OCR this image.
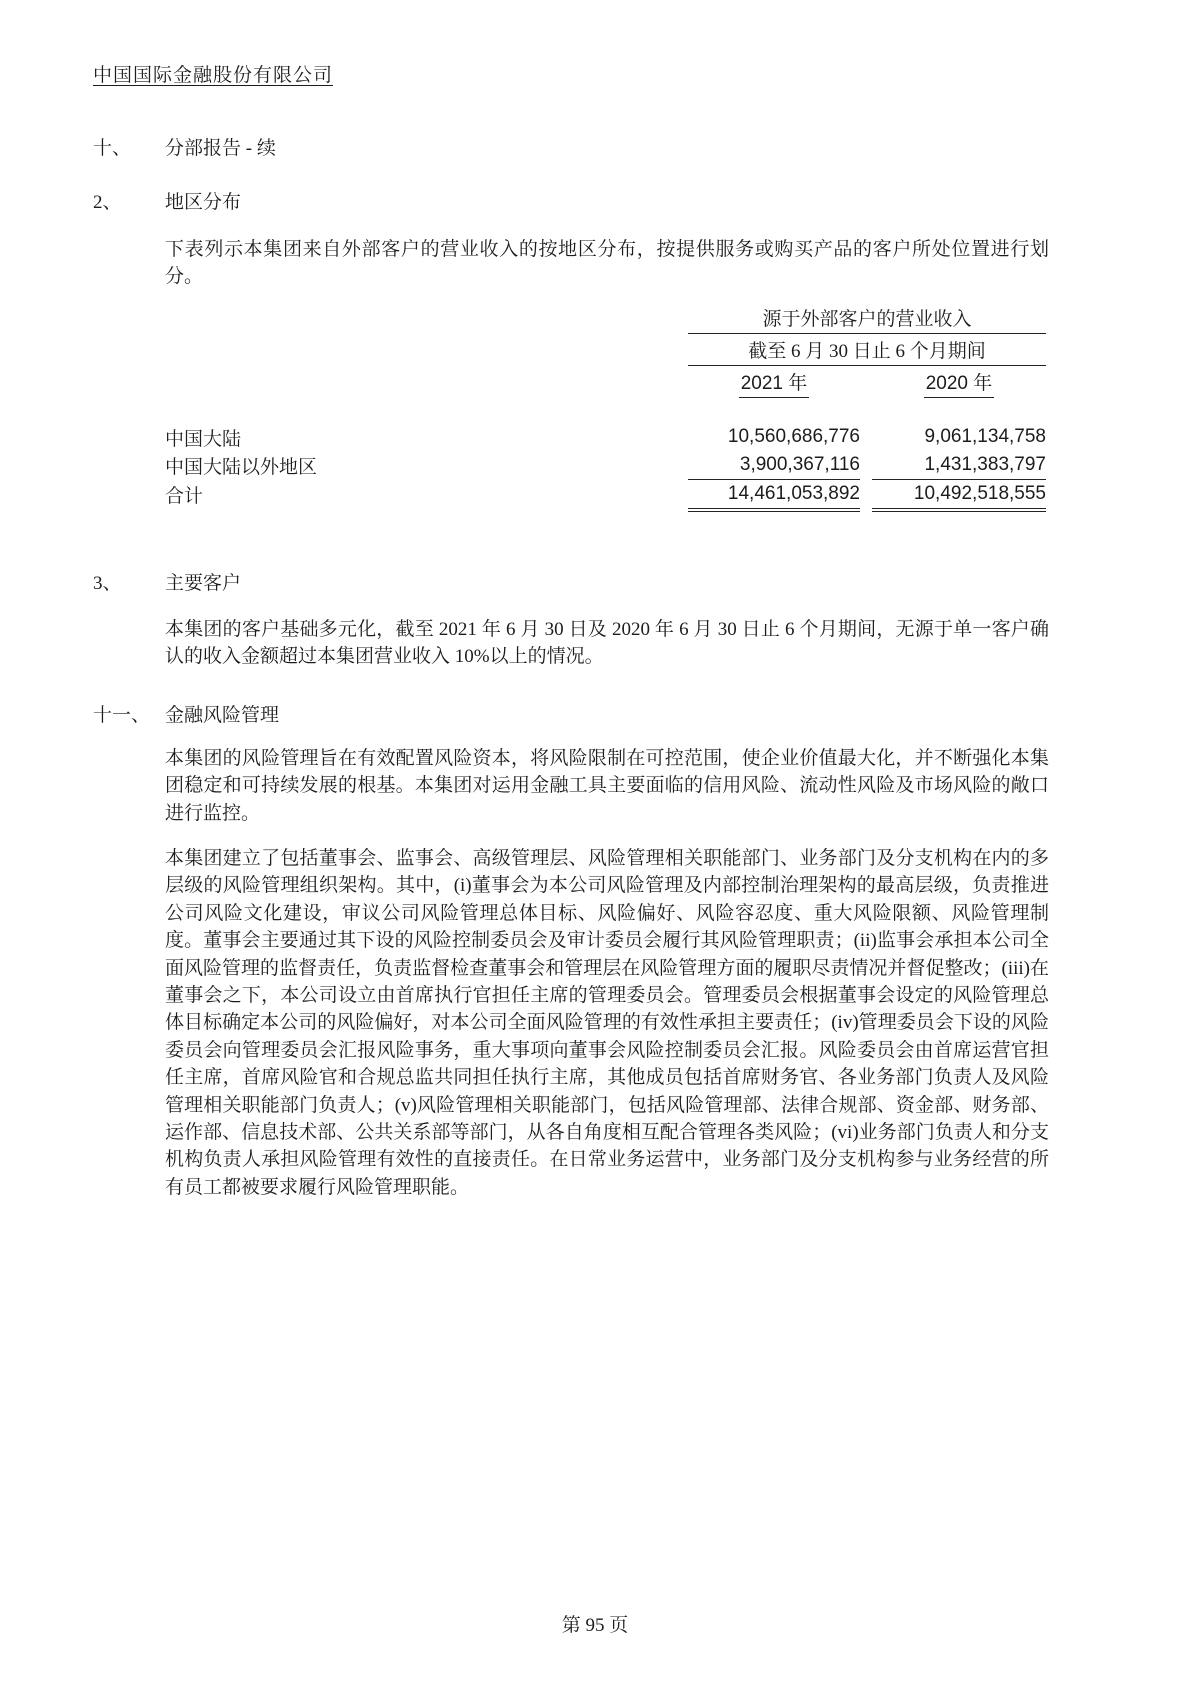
中国国际金融股份有限公司
十、	分部报告 - 续
2、	地区分布
下表列示本集团来自外部客户的营业收入的按地区分布，按提供服务或购买产品的客户所处位置进行划分。
	源于外部客户的营业收入		
	截至 6 月 30 日止 6 个月期间		
	2021 年		2020 年

中国大陆	10,560,686,776		9,061,134,758
中国大陆以外地区	3,900,367,116		1,431,383,797
合计	14,461,053,892		10,492,518,555
3、	主要客户
本集团的客户基础多元化，截至 2021 年 6 月 30 日及 2020 年 6 月 30 日止 6 个月期间，无源于单一客户确认的收入金额超过本集团营业收入 10%以上的情况。
十一、 金融风险管理
本集团的风险管理旨在有效配置风险资本，将风险限制在可控范围，使企业价值最大化，并不断强化本集团稳定和可持续发展的根基。本集团对运用金融工具主要面临的信用风险、流动性风险及市场风险的敞口进行监控。
本集团建立了包括董事会、监事会、高级管理层、风险管理相关职能部门、业务部门及分支机构在内的多层级的风险管理组织架构。其中，(i)董事会为本公司风险管理及内部控制治理架构的最高层级，负责推进公司风险文化建设，审议公司风险管理总体目标、风险偏好、风险容忍度、重大风险限额、风险管理制度。董事会主要通过其下设的风险控制委员会及审计委员会履行其风险管理职责；(ii)监事会承担本公司全面风险管理的监督责任，负责监督检查董事会和管理层在风险管理方面的履职尽责情况并督促整改；(iii)在董事会之下，本公司设立由首席执行官担任主席的管理委员会。管理委员会根据董事会设定的风险管理总体目标确定本公司的风险偏好，对本公司全面风险管理的有效性承担主要责任；(iv)管理委员会下设的风险委员会向管理委员会汇报风险事务，重大事项向董事会风险控制委员会汇报。风险委员会由首席运营官担任主席，首席风险官和合规总监共同担任执行主席，其他成员包括首席财务官、各业务部门负责人及风险管理相关职能部门负责人；(v)风险管理相关职能部门，包括风险管理部、法律合规部、资金部、财务部、运作部、信息技术部、公共关系部等部门，从各自角度相互配合管理各类风险；(vi)业务部门负责人和分支机构负责人承担风险管理有效性的直接责任。在日常业务运营中，业务部门及分支机构参与业务经营的所有员工都被要求履行风险管理职能。
第 95 页
